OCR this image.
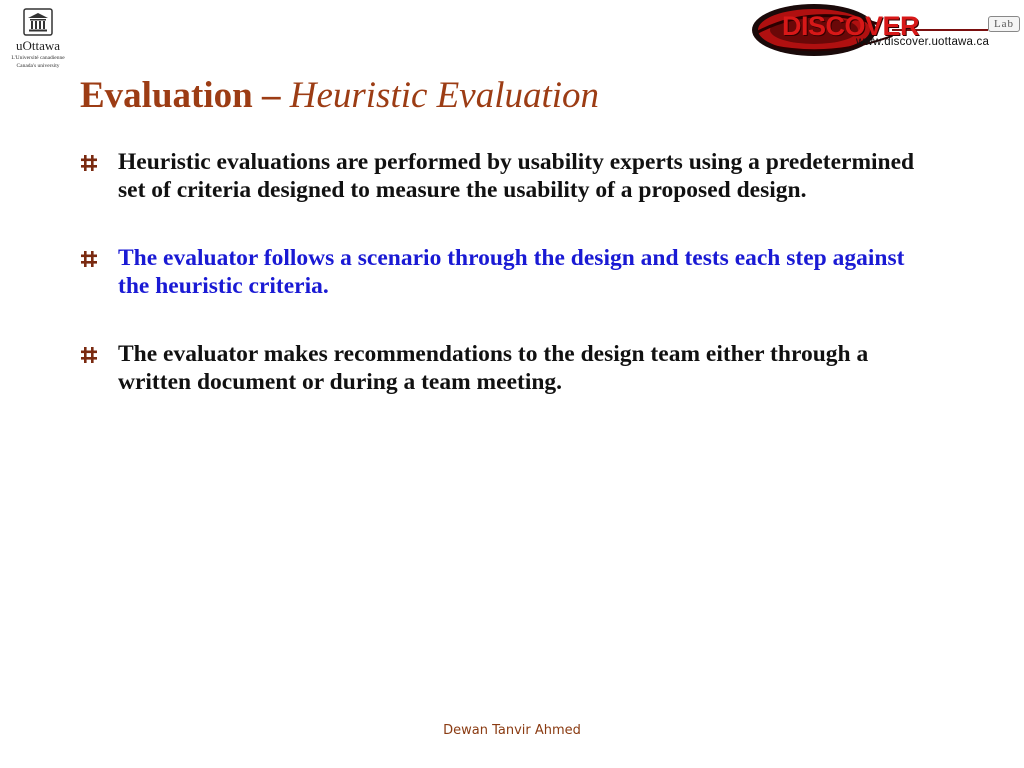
uOttawa
L'Université canadienne
Canada's university
DISCOVER	Lab
www.discover.uottawa.ca
Evaluation – Heuristic Evaluation
Heuristic evaluations are performed by usability experts using a predetermined set of criteria designed to measure the usability of a proposed design.
The evaluator follows a scenario through the design and tests each step against the heuristic criteria.
The evaluator makes recommendations to the design team either through a written document or during a team meeting.
Dewan Tanvir Ahmed
